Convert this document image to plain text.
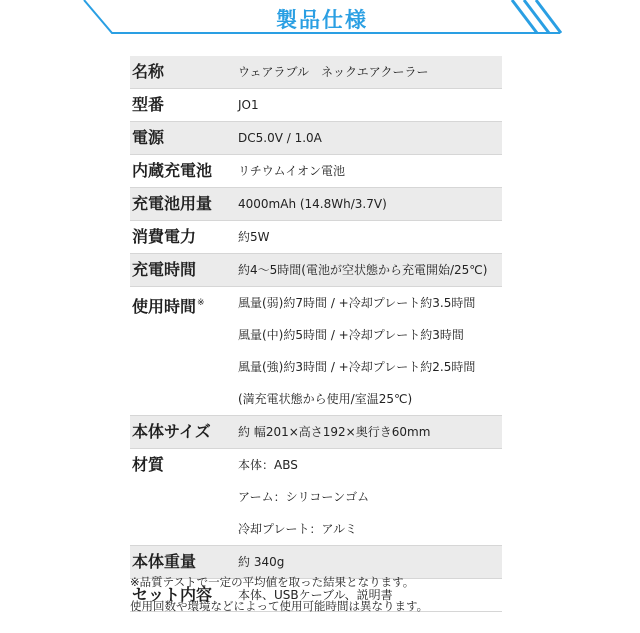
製品仕様
名称	ウェアラブル　ネックエアクーラー
型番	JO1
電源	DC5.0V / 1.0A
内蔵充電池	リチウムイオン電池
充電池用量	4000mAh (14.8Wh/3.7V)
消費電力	約5W
充電時間	約4～5時間(電池が空状態から充電開始/25℃)
使用時間※	風量(弱)約7時間 / +冷却プレート約3.5時間
風量(中)約5時間 / +冷却プレート約3時間
風量(強)約3時間 / +冷却プレート約2.5時間
(満充電状態から使用/室温25℃)
本体サイズ	約 幅201×高さ192×奥行き60mm
材質	本体：ABS
アーム：シリコーンゴム
冷却プレート：アルミ
本体重量	約 340g
セット内容	本体、USBケーブル、説明書
※品質テストで一定の平均値を取った結果となります。
使用回数や環境などによって使用可能時間は異なります。
